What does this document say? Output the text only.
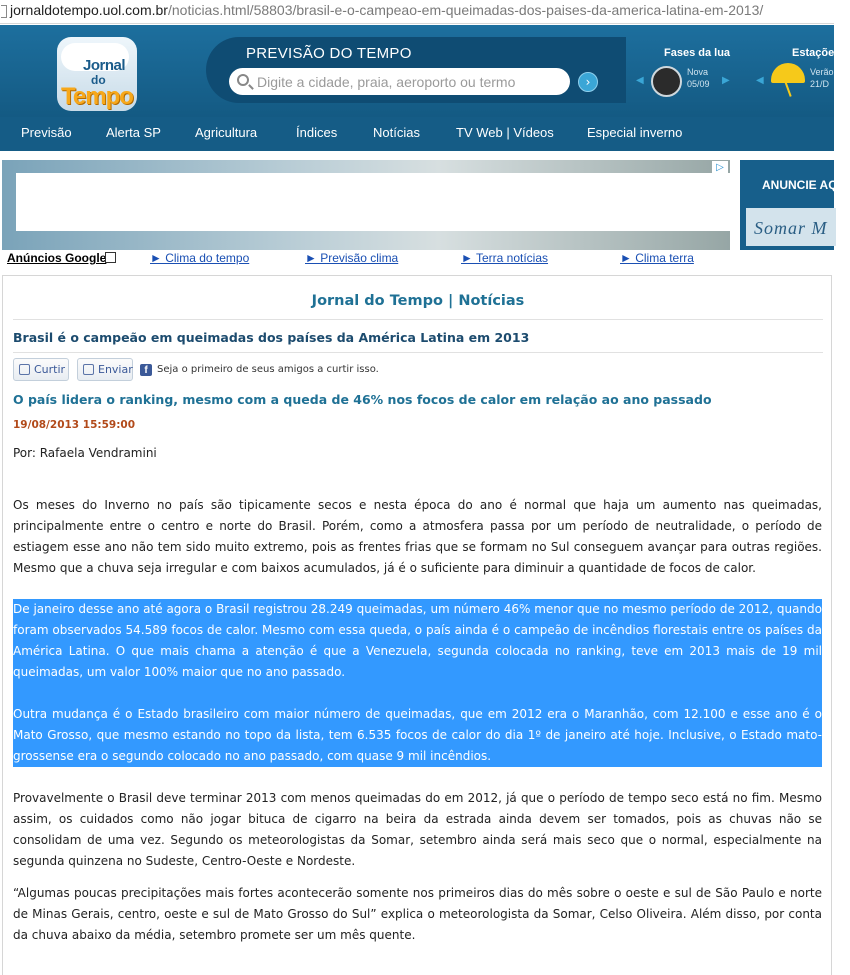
jornaldotempo.uol.com.br/noticias.html/58803/brasil-e-o-campeao-em-queimadas-dos-paises-da-america-latina-em-2013/
Jornal
do
Tempo
PREVISÃO DO TEMPO
Digite a cidade, praia, aeroporto ou termo
›
Fases da lua
◀
Nova
05/09 ▶
Estações
◀
Verão
21/D
Previsão	Alerta SP	Agricultura	Índices	Notícias	TV Web | Vídeos	Especial inverno
▷
ANUNCIE AQUI
Somar M
Anúncios Google	► Clima do tempo	► Previsão clima	► Terra notícias	► Clima terra
Jornal do Tempo | Notícias
Brasil é o campeão em queimadas dos países da América Latina em 2013
Curtir	Enviar	f Seja o primeiro de seus amigos a curtir isso.
O país lidera o ranking, mesmo com a queda de 46% nos focos de calor em relação ao ano passado
19/08/2013 15:59:00
Por: Rafaela Vendramini

Os meses do Inverno no país são tipicamente secos e nesta época do ano é normal que haja um aumento nas queimadas, principalmente entre o centro e norte do Brasil. Porém, como a atmosfera passa por um período de neutralidade, o período de estiagem esse ano não tem sido muito extremo, pois as frentes frias que se formam no Sul conseguem avançar para outras regiões. Mesmo que a chuva seja irregular e com baixos acumulados, já é o suficiente para diminuir a quantidade de focos de calor.

De janeiro desse ano até agora o Brasil registrou 28.249 queimadas, um número 46% menor que no mesmo período de 2012, quando foram observados 54.589 focos de calor. Mesmo com essa queda, o país ainda é o campeão de incêndios florestais entre os países da América Latina. O que mais chama a atenção é que a Venezuela, segunda colocada no ranking, teve em 2013 mais de 19 mil queimadas, um valor 100% maior que no ano passado.

Outra mudança é o Estado brasileiro com maior número de queimadas, que em 2012 era o Maranhão, com 12.100 e esse ano é o Mato Grosso, que mesmo estando no topo da lista, tem 6.535 focos de calor do dia 1º de janeiro até hoje. Inclusive, o Estado mato-grossense era o segundo colocado no ano passado, com quase 9 mil incêndios.

Provavelmente o Brasil deve terminar 2013 com menos queimadas do em 2012, já que o período de tempo seco está no fim. Mesmo assim, os cuidados como não jogar bituca de cigarro na beira da estrada ainda devem ser tomados, pois as chuvas não se consolidam de uma vez. Segundo os meteorologistas da Somar, setembro ainda será mais seco que o normal, especialmente na segunda quinzena no Sudeste, Centro-Oeste e Nordeste.

“Algumas poucas precipitações mais fortes acontecerão somente nos primeiros dias do mês sobre o oeste e sul de São Paulo e norte de Minas Gerais, centro, oeste e sul de Mato Grosso do Sul” explica o meteorologista da Somar, Celso Oliveira. Além disso, por conta da chuva abaixo da média, setembro promete ser um mês quente.
